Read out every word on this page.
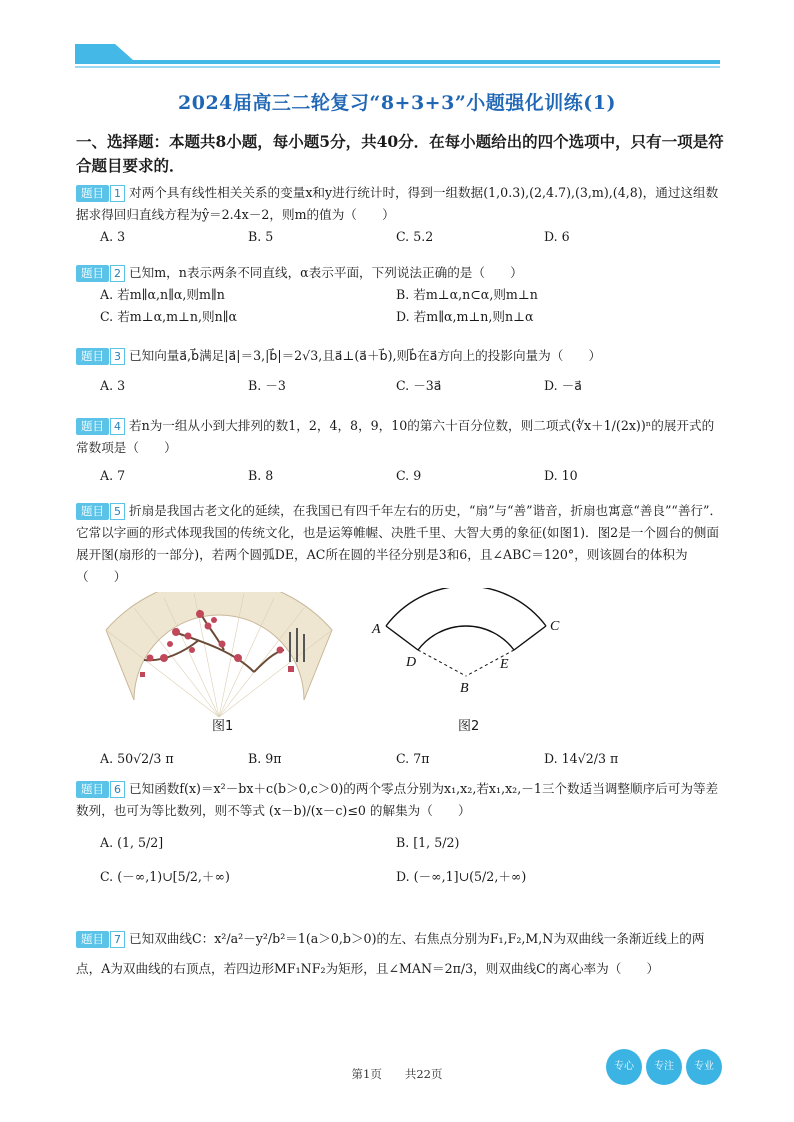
2024届高三二轮复习“8+3+3”小题强化训练(1)
一、选择题：本题共8小题，每小题5分，共40分．在每小题给出的四个选项中，只有一项是符合题目要求的．

题目 1 对两个具有线性相关关系的变量x和y进行统计时，得到一组数据(1,0.3),(2,4.7),(3,m),(4,8)，通过这组数据求得回归直线方程为ŷ＝2.4x－2，则m的值为（　　）

A. 3	B. 5	C. 5.2	D. 6

题目 2 已知m，n表示两条不同直线，α表示平面，下列说法正确的是（　　）

A. 若m∥α,n∥α,则m∥n	B. 若m⊥α,n⊂α,则m⊥n
C. 若m⊥α,m⊥n,则n∥α	D. 若m∥α,m⊥n,则n⊥α

题目 3 已知向量a⃗,b⃗满足|a⃗|＝3,|b⃗|＝2√3,且a⃗⊥(a⃗＋b⃗),则b⃗在a⃗方向上的投影向量为（　　）

A. 3	B. －3	C. －3a⃗	D. －a⃗

题目 4 若n为一组从小到大排列的数1，2，4，8，9，10的第六十百分位数，则二项式(∜x＋1/(2x))ⁿ的展开式的常数项是（　　）

A. 7	B. 8	C. 9	D. 10

题目 5 折扇是我国古老文化的延续，在我国已有四千年左右的历史，“扇”与“善”谐音，折扇也寓意“善良”“善行”．它常以字画的形式体现我国的传统文化，也是运筹帷幄、决胜千里、大智大勇的象征(如图1)．图2是一个圆台的侧面展开图(扇形的一部分)，若两个圆弧DE，AC所在圆的半径分别是3和6，且∠ABC＝120°，则该圆台的体积为（　　）

图1
A	C
D	E
B
图2
A. 50√2/3 π	B. 9π	C. 7π	D. 14√2/3 π

题目 6 已知函数f(x)＝x²－bx＋c(b＞0,c＞0)的两个零点分别为x₁,x₂,若x₁,x₂,－1三个数适当调整顺序后可为等差数列，也可为等比数列，则不等式 (x－b)/(x－c)≤0 的解集为（　　）

A. (1, 5/2]	B. [1, 5/2)
C. (－∞,1)∪[5/2,＋∞)	D. (－∞,1]∪(5/2,＋∞)

题目 7 已知双曲线C：x²/a²－y²/b²＝1(a＞0,b＞0)的左、右焦点分别为F₁,F₂,M,N为双曲线一条渐近线上的两点，A为双曲线的右顶点，若四边形MF₁NF₂为矩形，且∠MAN＝2π/3，则双曲线C的离心率为（　　）

第1页　　共22页
专心	专注	专业
